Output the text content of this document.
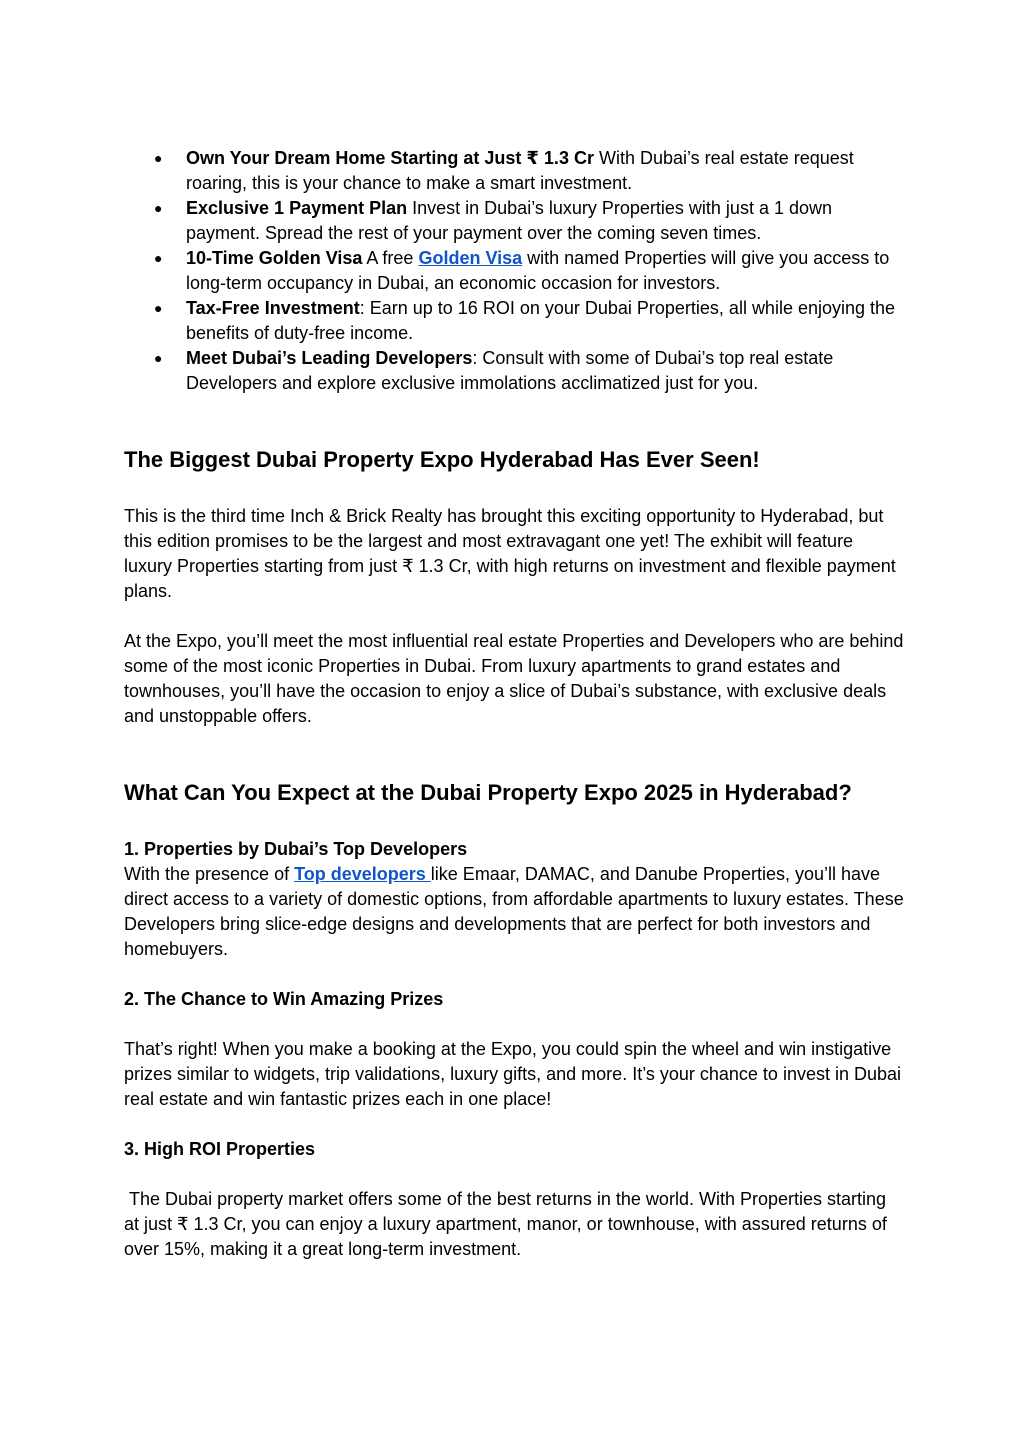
● Own Your Dream Home Starting at Just ₹ 1.3 Cr With Dubai’s real estate request roaring, this is your chance to make a smart investment.
● Exclusive 1 Payment Plan Invest in Dubai’s luxury Properties with just a 1 down payment. Spread the rest of your payment over the coming seven times.
● 10-Time Golden Visa A free Golden Visa with named Properties will give you access to long-term occupancy in Dubai, an economic occasion for investors.
● Tax-Free Investment: Earn up to 16 ROI on your Dubai Properties, all while enjoying the benefits of duty-free income.
● Meet Dubai’s Leading Developers: Consult with some of Dubai’s top real estate Developers and explore exclusive immolations acclimatized just for you.
The Biggest Dubai Property Expo Hyderabad Has Ever Seen!

This is the third time Inch & Brick Realty has brought this exciting opportunity to Hyderabad, but this edition promises to be the largest and most extravagant one yet! The exhibit will feature luxury Properties starting from just ₹ 1.3 Cr, with high returns on investment and flexible payment plans.

At the Expo, you’ll meet the most influential real estate Properties and Developers who are behind some of the most iconic Properties in Dubai. From luxury apartments to grand estates and townhouses, you’ll have the occasion to enjoy a slice of Dubai’s substance, with exclusive deals and unstoppable offers.

What Can You Expect at the Dubai Property Expo 2025 in Hyderabad?

1. Properties by Dubai’s Top Developers
With the presence of Top developers like Emaar, DAMAC, and Danube Properties, you’ll have direct access to a variety of domestic options, from affordable apartments to luxury estates. These Developers bring slice-edge designs and developments that are perfect for both investors and homebuyers.

2. The Chance to Win Amazing Prizes

That’s right! When you make a booking at the Expo, you could spin the wheel and win instigative prizes similar to widgets, trip validations, luxury gifts, and more. It’s your chance to invest in Dubai real estate and win fantastic prizes each in one place!

3. High ROI Properties

The Dubai property market offers some of the best returns in the world. With Properties starting at just ₹ 1.3 Cr, you can enjoy a luxury apartment, manor, or townhouse, with assured returns of over 15%, making it a great long-term investment.
